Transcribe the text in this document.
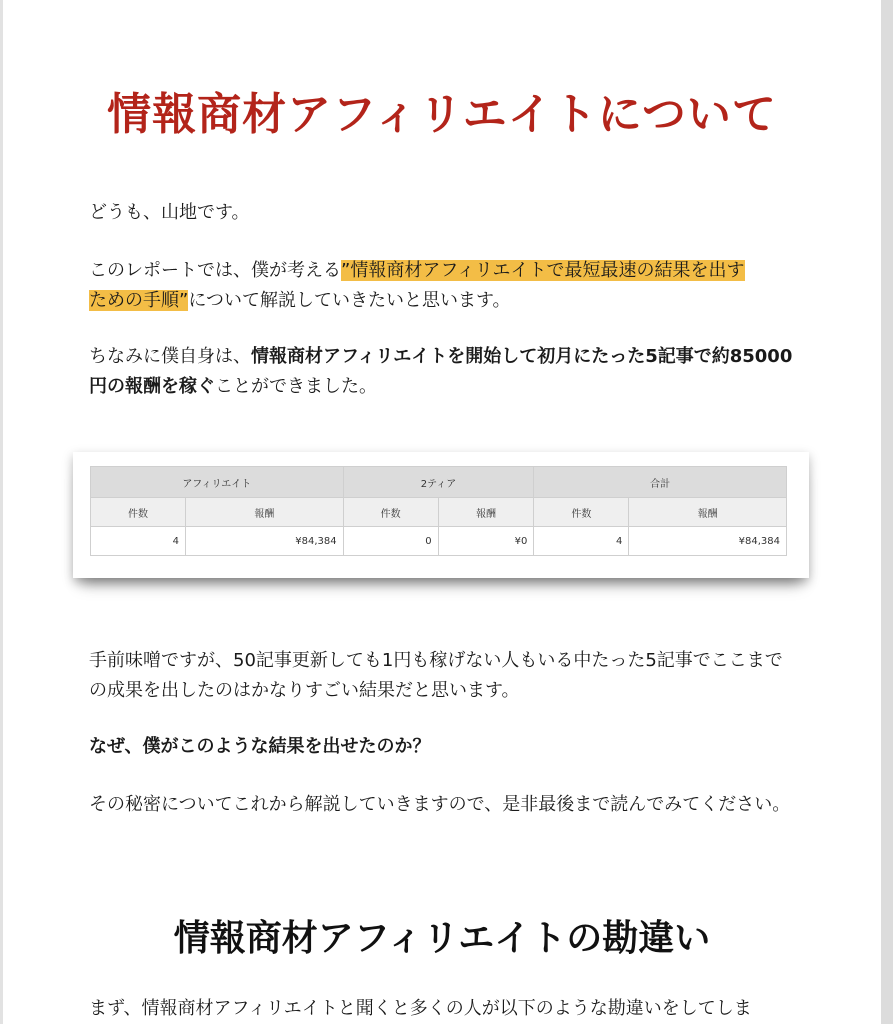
情報商材アフィリエイトについて

どうも、山地です。

このレポートでは、僕が考える”情報商材アフィリエイトで最短最速の結果を出す
ための手順”について解説していきたいと思います。

ちなみに僕自身は、情報商材アフィリエイトを開始して初月にたった5記事で約85000円の報酬を稼ぐことができました。

アフィリエイト		2ティア		合計	
件数	報酬	件数	報酬	件数	報酬
4	¥84,384	0	¥0	4	¥84,384

手前味噌ですが、50記事更新しても1円も稼げない人もいる中たった5記事でここまでの成果を出したのはかなりすごい結果だと思います。

なぜ、僕がこのような結果を出せたのか？

その秘密についてこれから解説していきますので、是非最後まで読んでみてください。

情報商材アフィリエイトの勘違い

まず、情報商材アフィリエイトと聞くと多くの人が以下のような勘違いをしてしま
